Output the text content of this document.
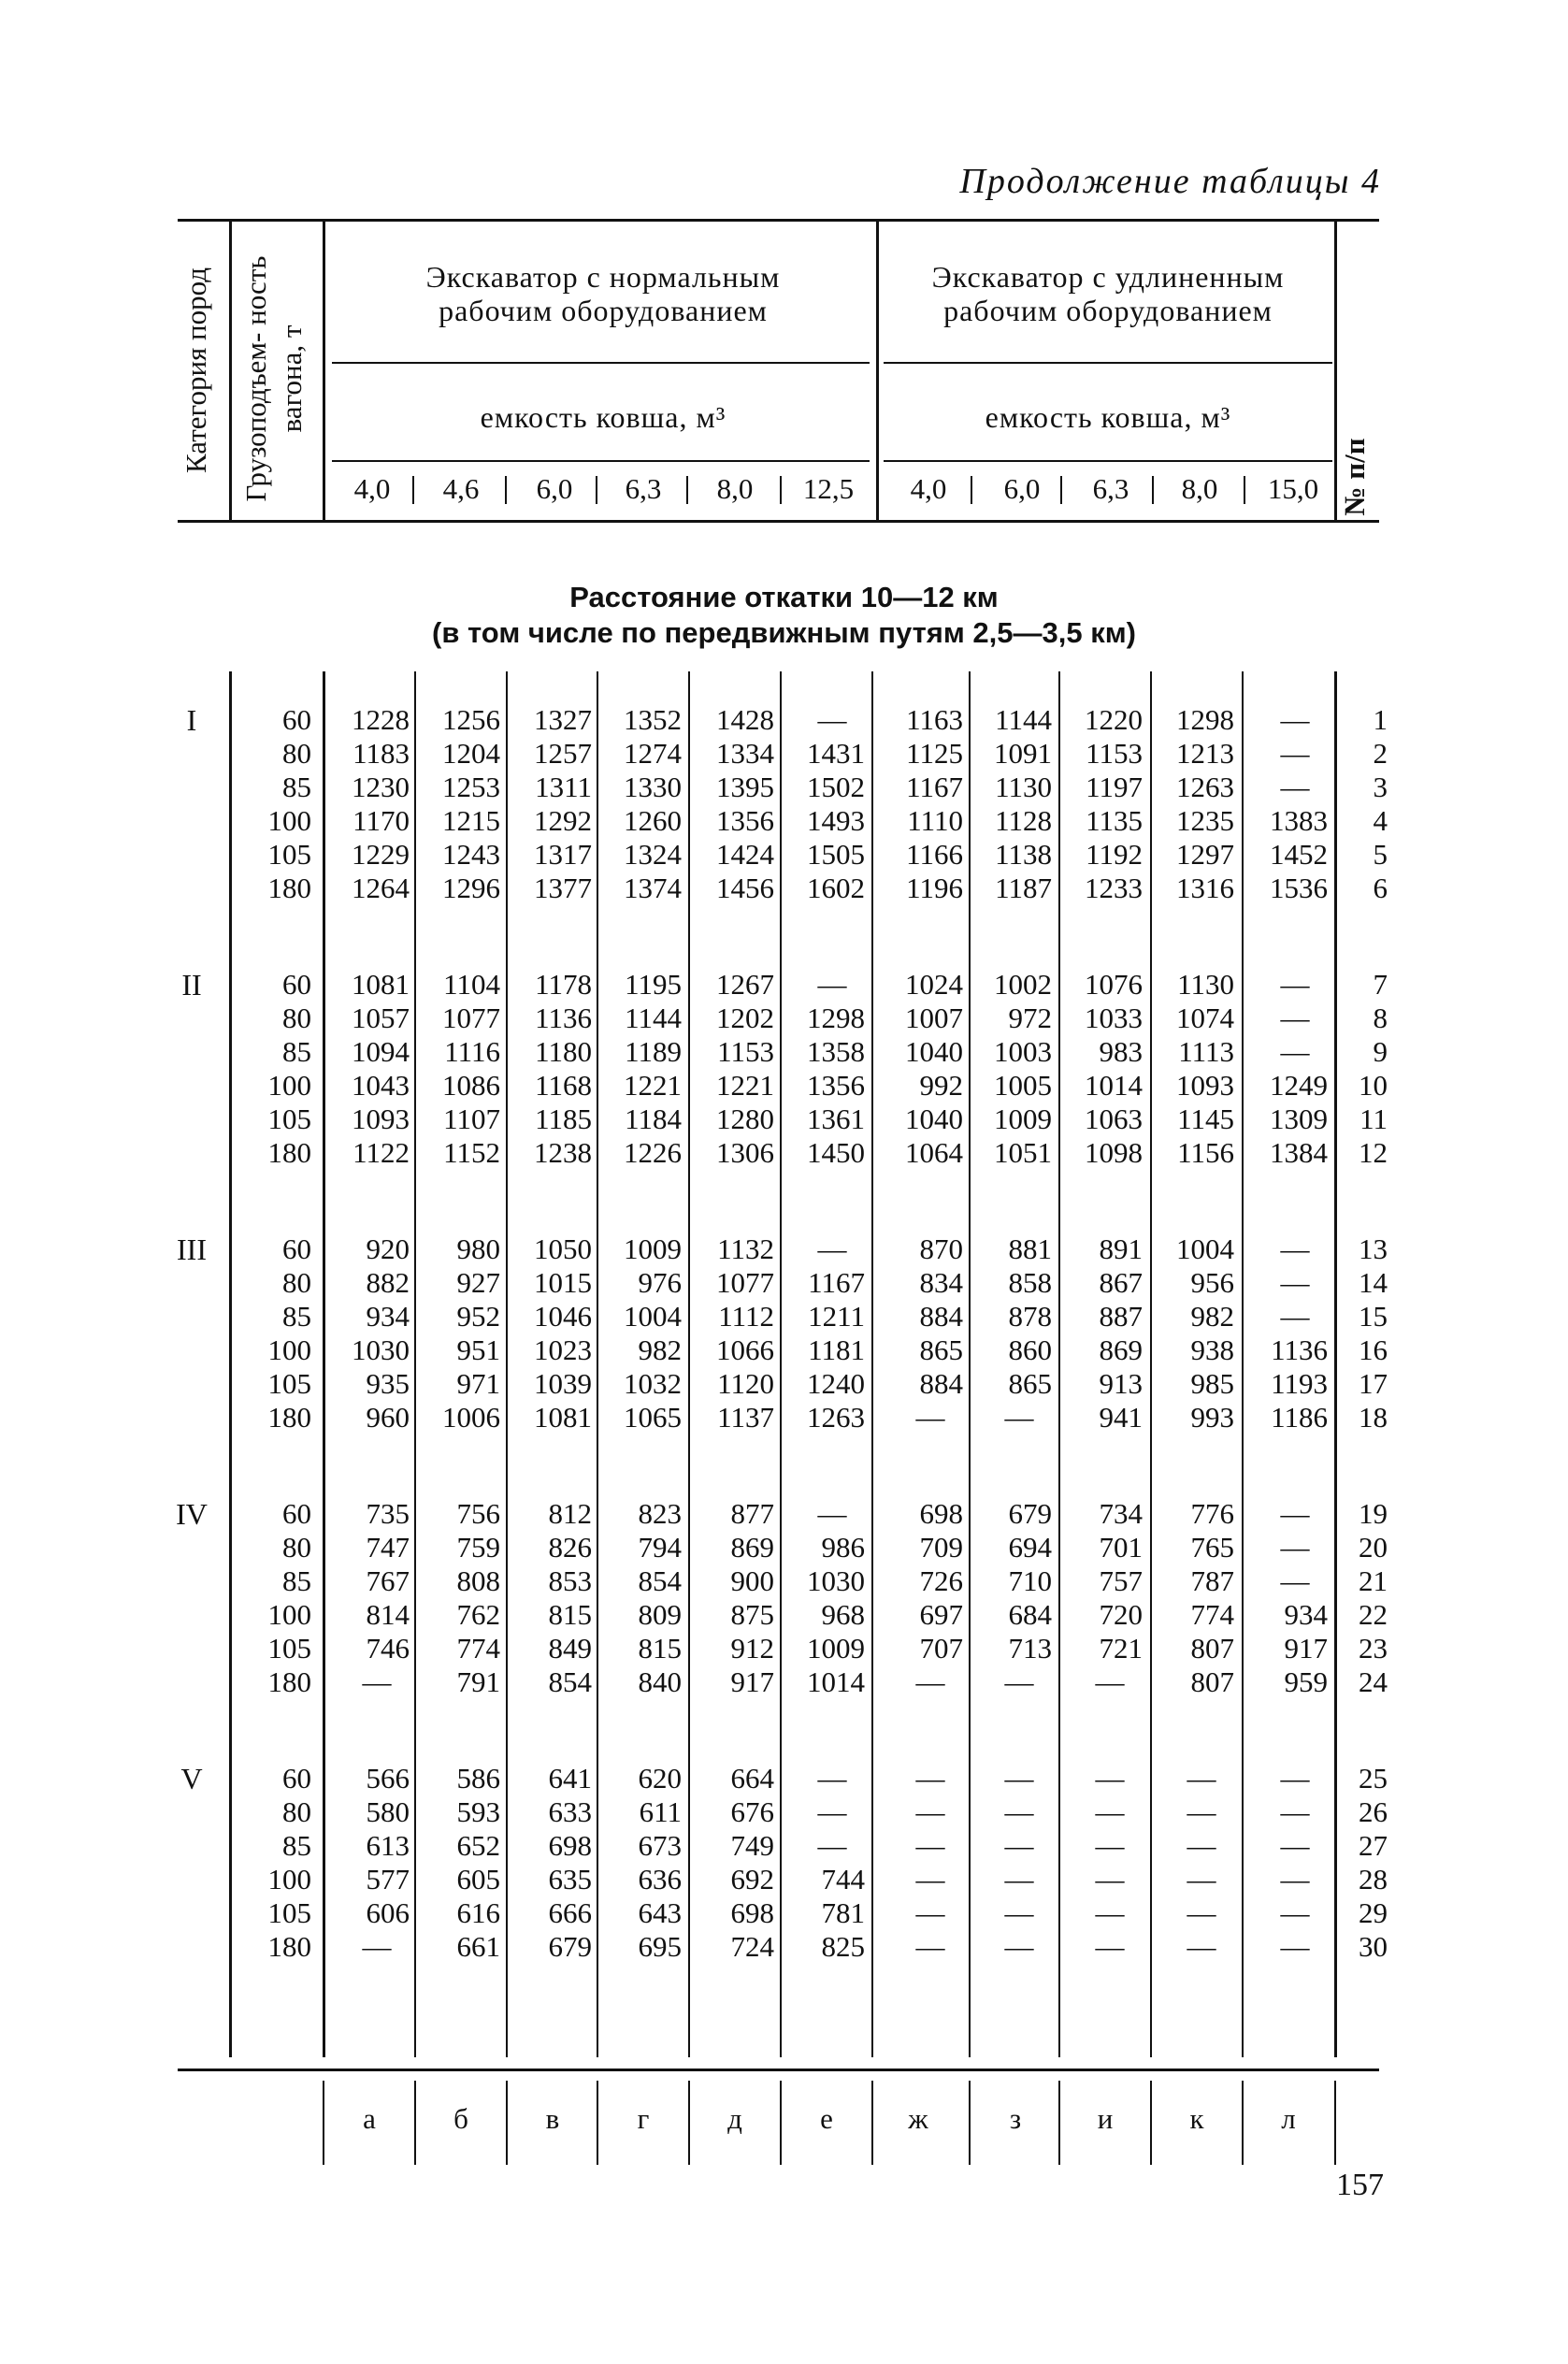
Продолжение таблицы 4
Категория пород Грузоподъем- ность вагона, т
№ п/п
Экскаватор с нормальным рабочим оборудованием
Экскаватор с удлиненным рабочим оборудованием
емкость ковша, м³	емкость ковша, м³
4,0	4,6	6,0	6,3	8,0	12,5	4,0	6,0	6,3	8,0	15,0
Расстояние откатки 10—12 км
(в том числе по передвижным путям 2,5—3,5 км)
I	60	1228	1256	1327	1352	1428	—	1163	1144	1220	1298	—	1
80	1183	1204	1257	1274	1334	1431	1125	1091	1153	1213	—	2
85	1230	1253	1311	1330	1395	1502	1167	1130	1197	1263	—	3
100	1170	1215	1292	1260	1356	1493	1110	1128	1135	1235	1383	4
105	1229	1243	1317	1324	1424	1505	1166	1138	1192	1297	1452	5
180	1264	1296	1377	1374	1456	1602	1196	1187	1233	1316	1536	6
II	60	1081	1104	1178	1195	1267	—	1024	1002	1076	1130	—	7
80	1057	1077	1136	1144	1202	1298	1007	972	1033	1074	—	8
85	1094	1116	1180	1189	1153	1358	1040	1003	983	1113	—	9
100	1043	1086	1168	1221	1221	1356	992	1005	1014	1093	1249	10
105	1093	1107	1185	1184	1280	1361	1040	1009	1063	1145	1309	11
180	1122	1152	1238	1226	1306	1450	1064	1051	1098	1156	1384	12
III	60	920	980	1050	1009	1132	—	870	881	891	1004	—	13
80	882	927	1015	976	1077	1167	834	858	867	956	—	14
85	934	952	1046	1004	1112	1211	884	878	887	982	—	15
100	1030	951	1023	982	1066	1181	865	860	869	938	1136	16
105	935	971	1039	1032	1120	1240	884	865	913	985	1193	17
180	960	1006	1081	1065	1137	1263	—	—	941	993	1186	18
IV	60	735	756	812	823	877	—	698	679	734	776	—	19
80	747	759	826	794	869	986	709	694	701	765	—	20
85	767	808	853	854	900	1030	726	710	757	787	—	21
100	814	762	815	809	875	968	697	684	720	774	934	22
105	746	774	849	815	912	1009	707	713	721	807	917	23
180	—	791	854	840	917	1014	—	—	—	807	959	24
V	60	566	586	641	620	664	—	—	—	—	—	—	25
80	580	593	633	611	676	—	—	—	—	—	—	26
85	613	652	698	673	749	—	—	—	—	—	—	27
100	577	605	635	636	692	744	—	—	—	—	—	28
105	606	616	666	643	698	781	—	—	—	—	—	29
180	—	661	679	695	724	825	—	—	—	—	—	30
а	б	в	г	д	е	ж	з	и	к	л
157
